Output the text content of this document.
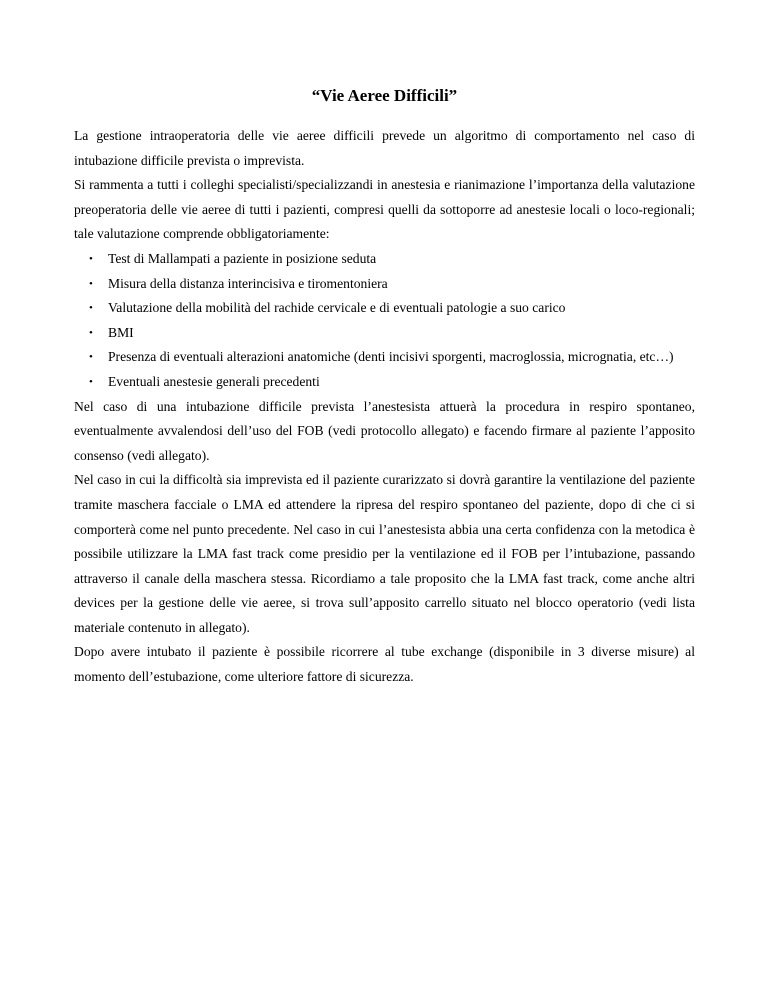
“Vie Aeree Difficili”

La gestione intraoperatoria delle vie aeree difficili prevede un algoritmo di comportamento nel caso di intubazione difficile prevista o imprevista.

Si rammenta a tutti i colleghi specialisti/specializzandi in anestesia e rianimazione l’importanza della valutazione preoperatoria delle vie aeree di tutti i pazienti, compresi quelli da sottoporre ad anestesie locali o loco-regionali; tale valutazione comprende obbligatoriamente:

• Test di Mallampati a paziente in posizione seduta
• Misura della distanza interincisiva e tiromentoniera
• Valutazione della mobilità del rachide cervicale e di eventuali patologie a suo carico
• BMI
• Presenza di eventuali alterazioni anatomiche (denti incisivi sporgenti, macroglossia, micrognatia, etc…)
• Eventuali anestesie generali precedenti

Nel caso di una intubazione difficile prevista l’anestesista attuerà la procedura in respiro spontaneo, eventualmente avvalendosi dell’uso del FOB (vedi protocollo allegato) e facendo firmare al paziente l’apposito consenso (vedi allegato).

Nel caso in cui la difficoltà sia imprevista ed il paziente curarizzato si dovrà garantire la ventilazione del paziente tramite maschera facciale o LMA ed attendere la ripresa del respiro spontaneo del paziente, dopo di che ci si comporterà come nel punto precedente. Nel caso in cui l’anestesista abbia una certa confidenza con la metodica è possibile utilizzare la LMA fast track come presidio per la ventilazione ed il FOB per l’intubazione, passando attraverso il canale della maschera stessa. Ricordiamo a tale proposito che la LMA fast track, come anche altri devices per la gestione delle vie aeree, si trova sull’apposito carrello situato nel blocco operatorio (vedi lista materiale contenuto in allegato).

Dopo avere intubato il paziente è possibile ricorrere al tube exchange (disponibile in 3 diverse misure) al momento dell’estubazione, come ulteriore fattore di sicurezza.
